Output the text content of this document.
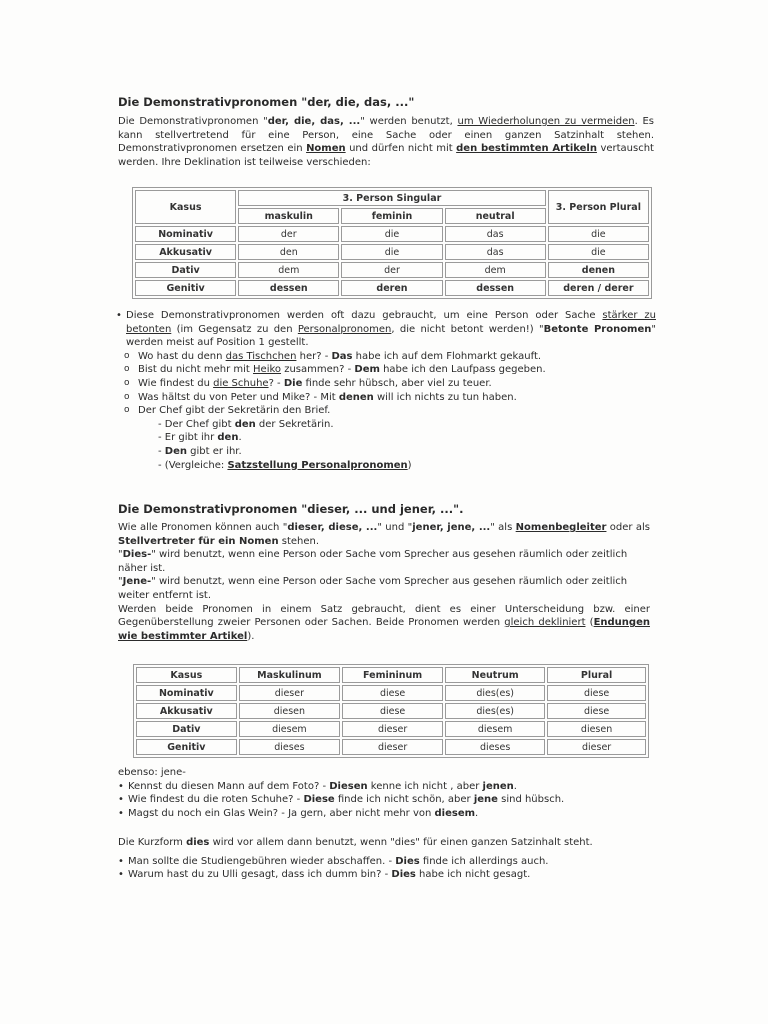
Die Demonstrativpronomen "der, die, das, ..."

Die Demonstrativpronomen "der, die, das, ..." werden benutzt, um Wiederholungen zu vermeiden. Es kann stellvertretend für eine Person, eine Sache oder einen ganzen Satzinhalt stehen. Demonstrativpronomen ersetzen ein Nomen und dürfen nicht mit den bestimmten Artikeln vertauscht werden. Ihre Deklination ist teilweise verschieden:

Kasus	3. Person Singular			3. Person Plural
	maskulin	feminin	neutral	
Nominativ	der	die	das	die
Akkusativ	den	die	das	die
Dativ	dem	der	dem	denen
Genitiv	dessen	deren	dessen	deren / derer
• Diese Demonstrativpronomen werden oft dazu gebraucht, um eine Person oder Sache stärker zu betonten (im Gegensatz zu den Personalpronomen, die nicht betont werden!) "Betonte Pronomen" werden meist auf Position 1 gestellt.
o Wo hast du denn das Tischchen her? - Das habe ich auf dem Flohmarkt gekauft.
o Bist du nicht mehr mit Heiko zusammen? - Dem habe ich den Laufpass gegeben.
o Wie findest du die Schuhe? - Die finde sehr hübsch, aber viel zu teuer.
o Was hältst du von Peter und Mike? - Mit denen will ich nichts zu tun haben.
o Der Chef gibt der Sekretärin den Brief.
- Der Chef gibt den der Sekretärin.
- Er gibt ihr den.
- Den gibt er ihr.
- (Vergleiche: Satzstellung Personalpronomen)
Die Demonstrativpronomen "dieser, ... und jener, ...".

Wie alle Pronomen können auch "dieser, diese, ..." und "jener, jene, ..." als Nomenbegleiter oder als Stellvertreter für ein Nomen stehen.

"Dies-" wird benutzt, wenn eine Person oder Sache vom Sprecher aus gesehen räumlich oder zeitlich näher ist.

"Jene-" wird benutzt, wenn eine Person oder Sache vom Sprecher aus gesehen räumlich oder zeitlich weiter entfernt ist.

Werden beide Pronomen in einem Satz gebraucht, dient es einer Unterscheidung bzw. einer Gegenüberstellung zweier Personen oder Sachen. Beide Pronomen werden gleich dekliniert (Endungen wie bestimmter Artikel).

Kasus	Maskulinum	Femininum	Neutrum	Plural
Nominativ	dieser	diese	dies(es)	diese
Akkusativ	diesen	diese	dies(es)	diese
Dativ	diesem	dieser	diesem	diesen
Genitiv	dieses	dieser	dieses	dieser

ebenso: jene-

• Kennst du diesen Mann auf dem Foto? - Diesen kenne ich nicht , aber jenen.
• Wie findest du die roten Schuhe? - Diese finde ich nicht schön, aber jene sind hübsch.
• Magst du noch ein Glas Wein? - Ja gern, aber nicht mehr von diesem.

Die Kurzform dies wird vor allem dann benutzt, wenn "dies" für einen ganzen Satzinhalt steht.

• Man sollte die Studiengebühren wieder abschaffen. - Dies finde ich allerdings auch.
• Warum hast du zu Ulli gesagt, dass ich dumm bin? - Dies habe ich nicht gesagt.
